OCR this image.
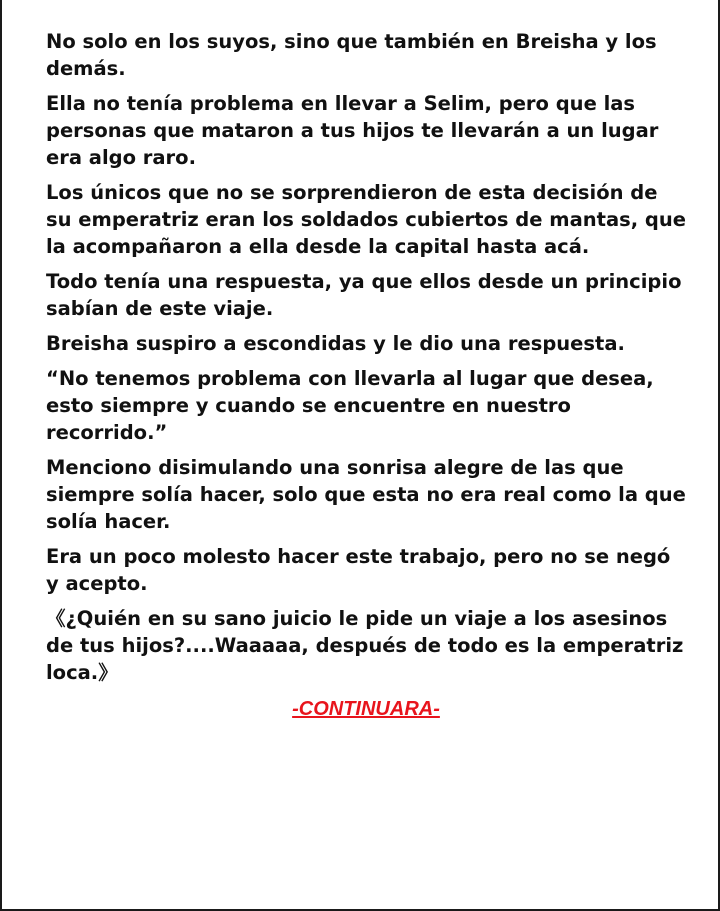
No solo en los suyos, sino que también en Breisha y los demás.

Ella no tenía problema en llevar a Selim, pero que las personas que mataron a tus hijos te llevarán a un lugar era algo raro.

Los únicos que no se sorprendieron de esta decisión de su emperatriz eran los soldados cubiertos de mantas, que la acompañaron a ella desde la capital hasta acá.

Todo tenía una respuesta, ya que ellos desde un principio sabían de este viaje.

Breisha suspiro a escondidas y le dio una respuesta.

“No tenemos problema con llevarla al lugar que desea, esto siempre y cuando se encuentre en nuestro recorrido.”

Menciono disimulando una sonrisa alegre de las que siempre solía hacer, solo que esta no era real como la que solía hacer.

Era un poco molesto hacer este trabajo, pero no se negó y acepto.

《¿Quién en su sano juicio le pide un viaje a los asesinos de tus hijos?....Waaaaa, después de todo es la emperatriz loca.》

-CONTINUARA-
